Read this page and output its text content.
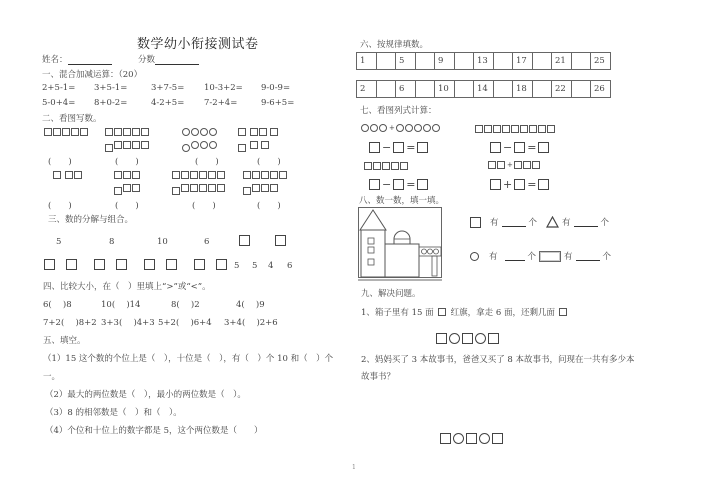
数学幼小衔接测试卷
姓名：	分数
一、混合加减运算：（20）
2+5-1= 3+5-1=	3+7-5= 10-3+2= 9-0-9=
5-0+4= 8+0-2=	4-2+5= 7-2+4=	9-6+5=
二、看图写数。

(　　)	(　　)	(　　)	(　　)

(　　)	(　　)	(　　)	(　　)
三、数的分解与组合。
5	8	10	6
5 5 4 6
四、比较大小，在（　）里填上“>”或“<”。
6(　 )8	10(　 )14	8(　 )2	4(　 )9
7+2(　 )8+2 3+3(　 )4+3 5+2(　 )6+4 3+4(　 )2+6
五、填空。
（1）15 这个数的个位上是（　），十位是（　），有（　）个 10 和（　）个
一。
（2）最大的两位数是（　），最小的两位数是（　）。
（3）8 的相邻数是（　）和（　）。
（4）个位和十位上的数字都是 5，这个两位数是（　　）
六、按规律填数。
1		5		9		13		17		21		25
2		6		10		14		18		22		26
七、看图列式计算：
+
− =	− =
+
− =	+ =
八、数一数，填一填。
有	个	有	个
有	个	有	个
九、解决问题。
1、箱子里有 15 面 红旗，拿走 6 面，还剩几面
2、妈妈买了 3 本故事书，爸爸又买了 8 本故事书，问现在一共有多少本
故事书？
1
